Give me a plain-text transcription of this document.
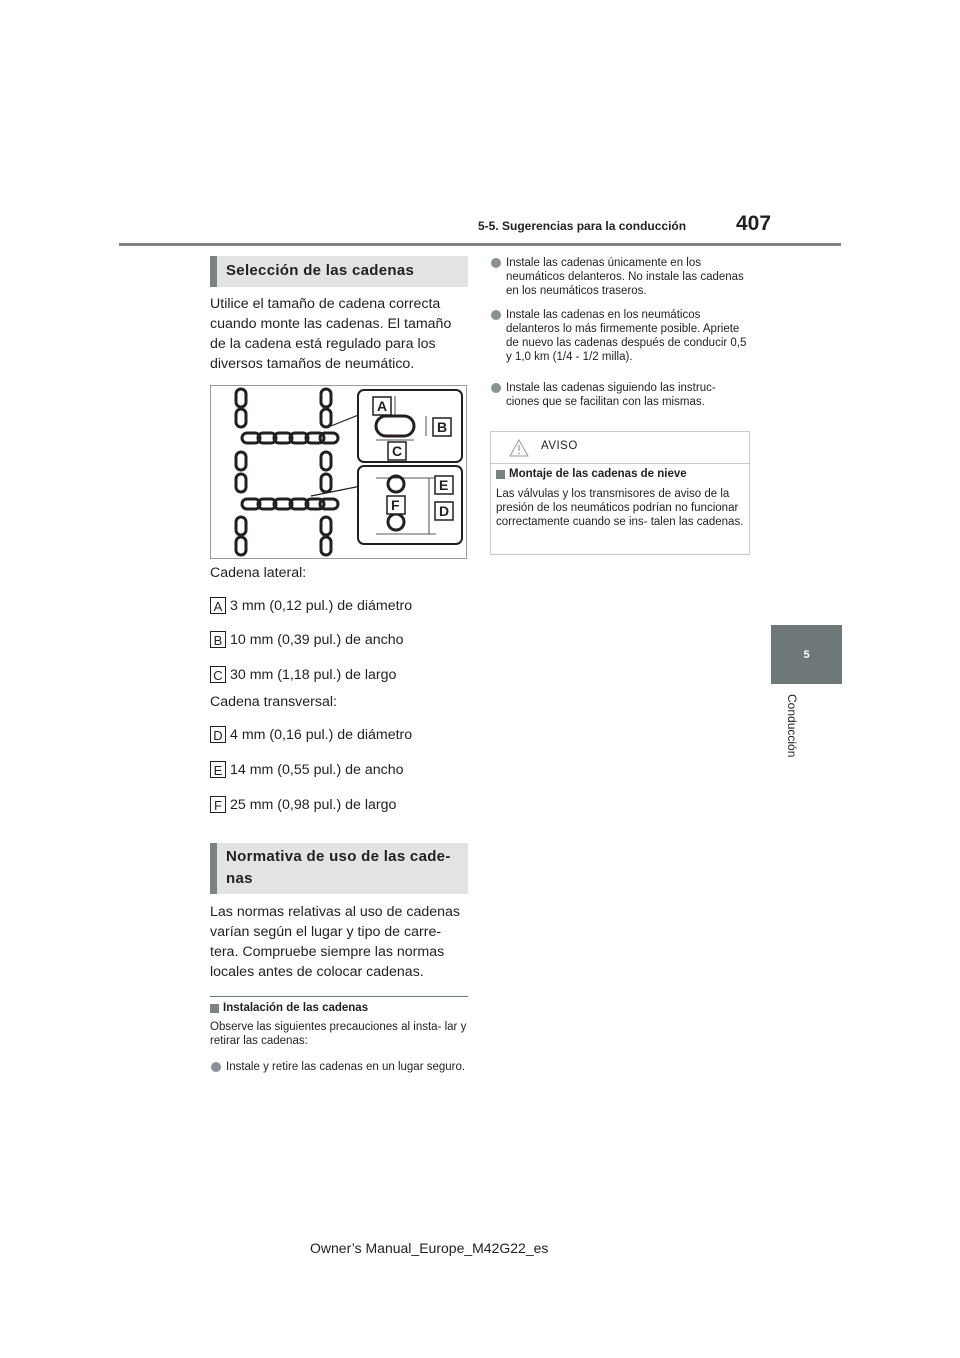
5-5. Sugerencias para la conducción 407
5
Conducción
Selección de las cadenas
Utilice el tamaño de cadena correcta cuando monte las cadenas. El tamaño de la cadena está regulado para los diversos tamaños de neumático.
A
B
C
E
F	D
Cadena lateral:
A 3 mm (0,12 pul.) de diámetro
B 10 mm (0,39 pul.) de ancho
C 30 mm (1,18 pul.) de largo
Cadena transversal:
D 4 mm (0,16 pul.) de diámetro
E 14 mm (0,55 pul.) de ancho
F 25 mm (0,98 pul.) de largo
Normativa de uso de las cade-
nas
Las normas relativas al uso de cadenas varían según el lugar y tipo de carre- tera. Compruebe siempre las normas locales antes de colocar cadenas.
Instalación de las cadenas
Observe las siguientes precauciones al insta- lar y retirar las cadenas:
Instale y retire las cadenas en un lugar seguro.
Instale las cadenas únicamente en los neumáticos delanteros. No instale las cadenas en los neumáticos traseros.
Instale las cadenas en los neumáticos delanteros lo más firmemente posible. Apriete de nuevo las cadenas después de conducir 0,5 y 1,0 km (1/4 - 1/2 milla).
Instale las cadenas siguiendo las instruc- ciones que se facilitan con las mismas.
AVISO
Montaje de las cadenas de nieve
Las válvulas y los transmisores de aviso de la presión de los neumáticos podrían no funcionar correctamente cuando se ins- talen las cadenas.
Owner’s Manual_Europe_M42G22_es
